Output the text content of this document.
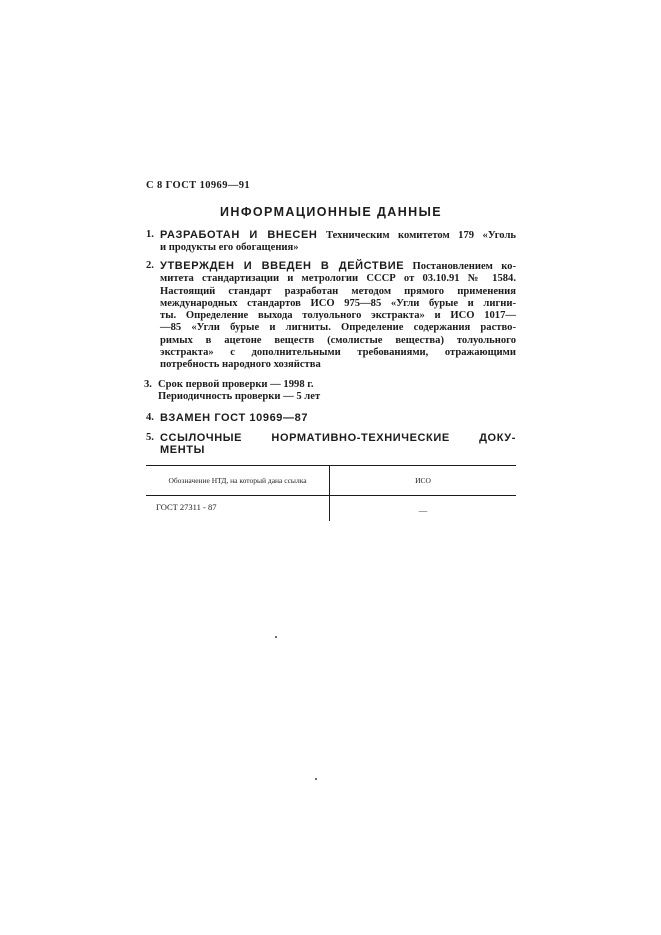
С 8 ГОСТ 10969—91
ИНФОРМАЦИОННЫЕ ДАННЫЕ
1. РАЗРАБОТАН И ВНЕСЕН Техническим комитетом 179 «Уголь
и продукты его обогащения»
2. УТВЕРЖДЕН И ВВЕДЕН В ДЕЙСТВИЕ Постановлением ко-
митета стандартизации и метрологии СССР от 03.10.91 № 1584.
Настоящий стандарт разработан методом прямого применения
международных стандартов ИСО 975—85 «Угли бурые и лигни-
ты. Определение выхода толуольного экстракта» и ИСО 1017—
—85 «Угли бурые и лигниты. Определение содержания раство-
римых в ацетоне веществ (смолистые вещества) толуольного
экстракта» с дополнительными требованиями, отражающими
потребность народного хозяйства
3. Срок первой проверки — 1998 г.
Периодичность проверки — 5 лет
4. ВЗАМЕН ГОСТ 10969—87
5. ССЫЛОЧНЫЕ НОРМАТИВНО-ТЕХНИЧЕСКИЕ ДОКУ-
МЕНТЫ
Обозначение НТД, на который дана ссылка	ИСО
ГОСТ 27311 - 87	—
